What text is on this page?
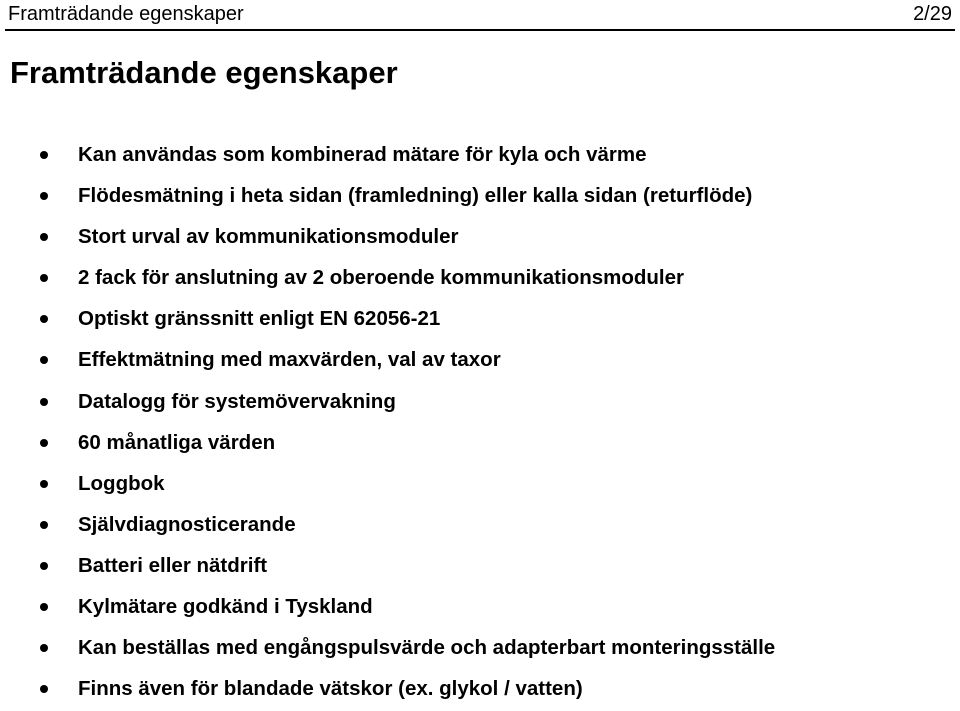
Framträdande egenskaper	2/29
Framträdande egenskaper
Kan användas som kombinerad mätare för kyla och värme
Flödesmätning i heta sidan (framledning) eller kalla sidan (returflöde)
Stort urval av kommunikationsmoduler
2 fack för anslutning av 2 oberoende kommunikationsmoduler
Optiskt gränssnitt enligt EN 62056-21
Effektmätning med maxvärden, val av taxor
Datalogg för systemövervakning
60 månatliga värden
Loggbok
Självdiagnosticerande
Batteri eller nätdrift
Kylmätare godkänd i Tyskland
Kan beställas med engångspulsvärde och adapterbart monteringsställe
Finns även för blandade vätskor (ex. glykol / vatten)
